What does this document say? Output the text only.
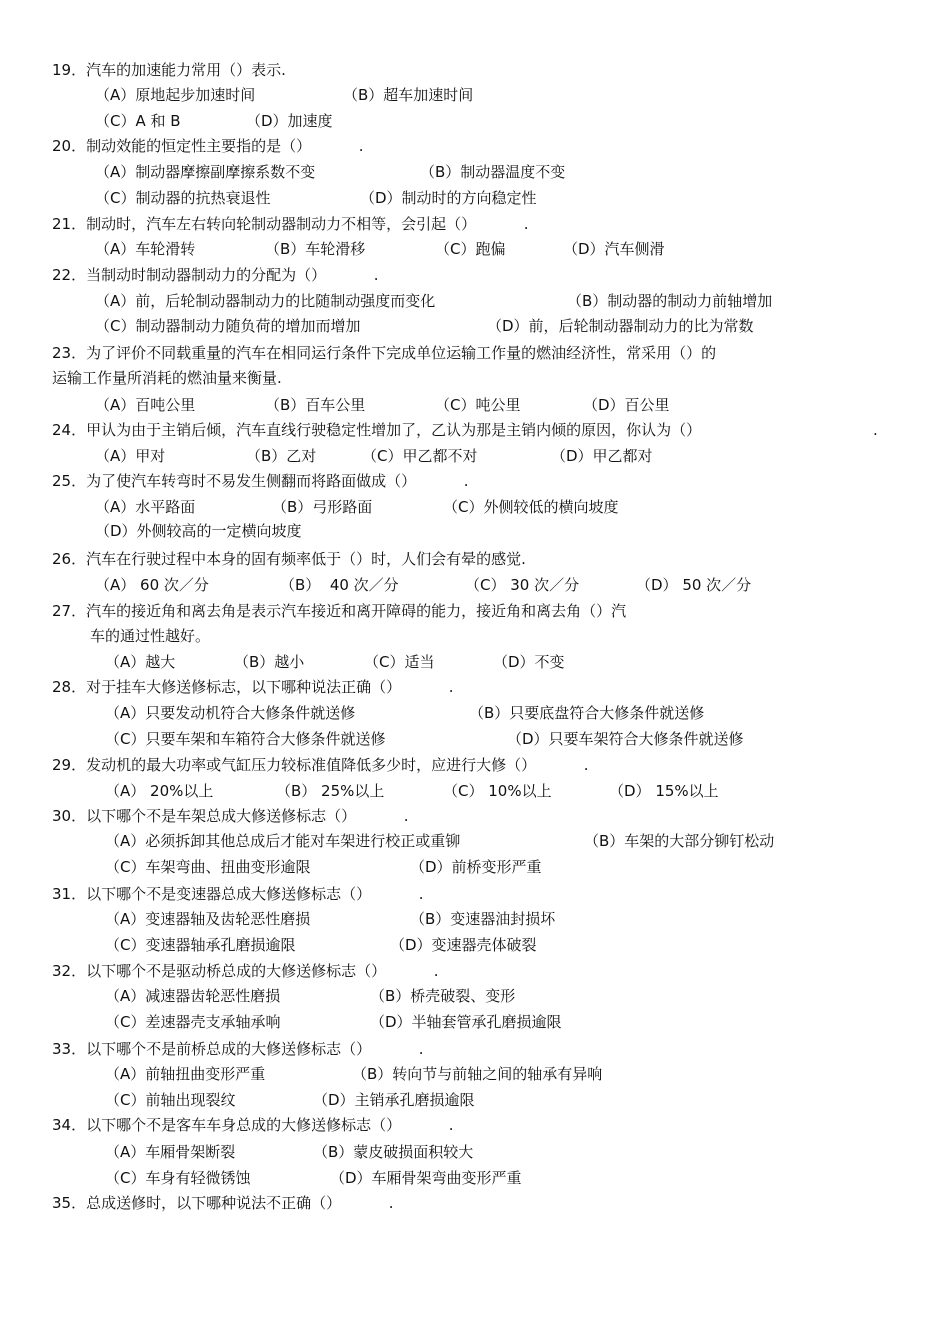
19．汽车的加速能力常用（）表示.
（A）原地起步加速时间	（B）超车加速时间
（C）A 和 B	（D）加速度
20．制动效能的恒定性主要指的是（）          .
（A）制动器摩擦副摩擦系数不变	（B）制动器温度不变
（C）制动器的抗热衰退性	（D）制动时的方向稳定性
21．制动时，汽车左右转向轮制动器制动力不相等，会引起（）          .
（A）车轮滑转	（B）车轮滑移	（C）跑偏	（D）汽车侧滑
22．当制动时制动器制动力的分配为（）          .
（A）前，后轮制动器制动力的比随制动强度而变化	（B）制动器的制动力前轴增加
（C）制动器制动力随负荷的增加而增加	（D）前，后轮制动器制动力的比为常数
23．为了评价不同载重量的汽车在相同运行条件下完成单位运输工作量的燃油经济性，常采用（）的
运输工作量所消耗的燃油量来衡量.
（A）百吨公里	（B）百车公里	（C）吨公里	（D）百公里
24．甲认为由于主销后倾，汽车直线行驶稳定性增加了，乙认为那是主销内倾的原因，你认为（）	.
（A）甲对	（B）乙对	（C）甲乙都不对	（D）甲乙都对
25．为了使汽车转弯时不易发生侧翻而将路面做成（）          .
（A）水平路面	（B）弓形路面	（C）外侧较低的横向坡度
（D）外侧较高的一定横向坡度
26．汽车在行驶过程中本身的固有频率低于（）时，人们会有晕的感觉.
（A） 60 次／分	（B）  40 次／分	（C） 30 次／分	（D） 50 次／分
27．汽车的接近角和离去角是表示汽车接近和离开障碍的能力，接近角和离去角（）汽
车的通过性越好。
（A）越大	（B）越小	（C）适当	（D）不变
28．对于挂车大修送修标志，以下哪种说法正确（）          .
（A）只要发动机符合大修条件就送修	（B）只要底盘符合大修条件就送修
（C）只要车架和车箱符合大修条件就送修	（D）只要车架符合大修条件就送修
29．发动机的最大功率或气缸压力较标准值降低多少时，应进行大修（）          .
（A） 20%以上	（B） 25%以上	（C） 10%以上	（D） 15%以上
30．以下哪个不是车架总成大修送修标志（）          .
（A）必须拆卸其他总成后才能对车架进行校正或重铆	（B）车架的大部分铆钉松动
（C）车架弯曲、扭曲变形逾限	（D）前桥变形严重
31．以下哪个不是变速器总成大修送修标志（）          .
（A）变速器轴及齿轮恶性磨损	（B）变速器油封损坏
（C）变速器轴承孔磨损逾限	（D）变速器壳体破裂
32．以下哪个不是驱动桥总成的大修送修标志（）          .
（A）减速器齿轮恶性磨损	（B）桥壳破裂、变形
（C）差速器壳支承轴承响	（D）半轴套管承孔磨损逾限
33．以下哪个不是前桥总成的大修送修标志（）          .
（A）前轴扭曲变形严重	（B）转向节与前轴之间的轴承有异响
（C）前轴出现裂纹	（D）主销承孔磨损逾限
34．以下哪个不是客车车身总成的大修送修标志（）          .
（A）车厢骨架断裂	（B）蒙皮破损面积较大
（C）车身有轻微锈蚀	（D）车厢骨架弯曲变形严重
35．总成送修时，以下哪种说法不正确（）          .
